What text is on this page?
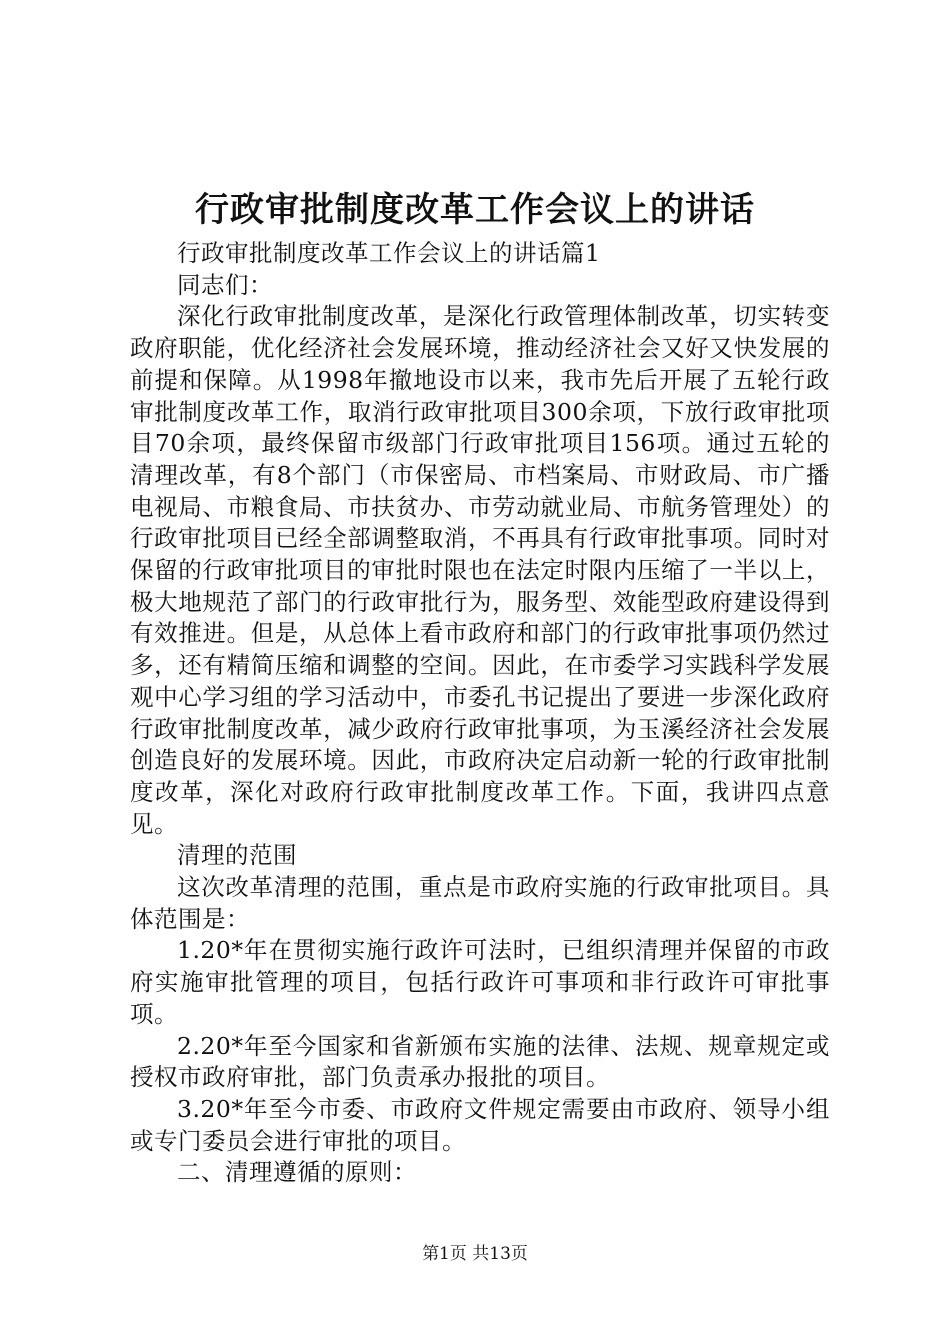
行政审批制度改革工作会议上的讲话

行政审批制度改革工作会议上的讲话篇1

同志们：

深化行政审批制度改革，是深化行政管理体制改革，切实转变政府职能，优化经济社会发展环境，推动经济社会又好又快发展的前提和保障。从1998年撤地设市以来，我市先后开展了五轮行政审批制度改革工作，取消行政审批项目300余项，下放行政审批项目70余项，最终保留市级部门行政审批项目156项。通过五轮的清理改革，有8个部门（市保密局、市档案局、市财政局、市广播电视局、市粮食局、市扶贫办、市劳动就业局、市航务管理处）的行政审批项目已经全部调整取消，不再具有行政审批事项。同时对保留的行政审批项目的审批时限也在法定时限内压缩了一半以上，极大地规范了部门的行政审批行为，服务型、效能型政府建设得到有效推进。但是，从总体上看市政府和部门的行政审批事项仍然过多，还有精简压缩和调整的空间。因此，在市委学习实践科学发展观中心学习组的学习活动中，市委孔书记提出了要进一步深化政府行政审批制度改革，减少政府行政审批事项，为玉溪经济社会发展创造良好的发展环境。因此，市政府决定启动新一轮的行政审批制度改革，深化对政府行政审批制度改革工作。下面，我讲四点意见。

清理的范围

这次改革清理的范围，重点是市政府实施的行政审批项目。具体范围是：

1.20*年在贯彻实施行政许可法时，已组织清理并保留的市政府实施审批管理的项目，包括行政许可事项和非行政许可审批事项。

2.20*年至今国家和省新颁布实施的法律、法规、规章规定或授权市政府审批，部门负责承办报批的项目。

3.20*年至今市委、市政府文件规定需要由市政府、领导小组或专门委员会进行审批的项目。

二、清理遵循的原则：

第1页 共13页
